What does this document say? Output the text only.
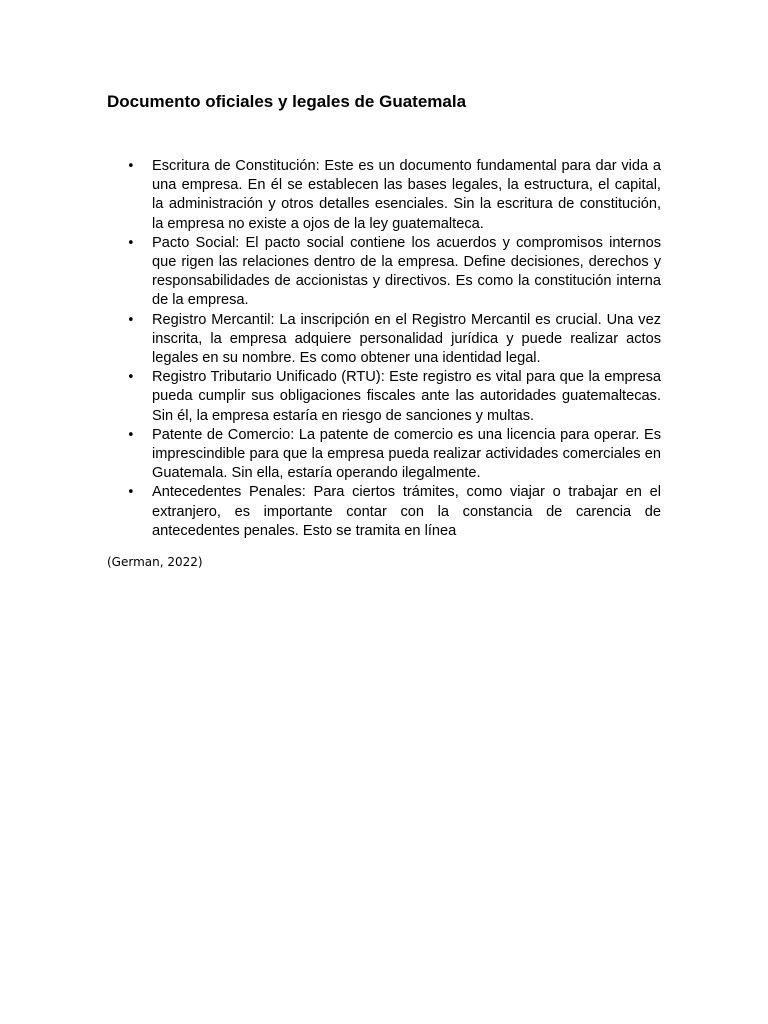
Documento oficiales y legales de Guatemala
• Escritura de Constitución: Este es un documento fundamental para dar vida a una empresa. En él se establecen las bases legales, la estructura, el capital, la administración y otros detalles esenciales. Sin la escritura de constitución, la empresa no existe a ojos de la ley guatemalteca.
• Pacto Social: El pacto social contiene los acuerdos y compromisos internos que rigen las relaciones dentro de la empresa. Define decisiones, derechos y responsabilidades de accionistas y directivos. Es como la constitución interna de la empresa.
• Registro Mercantil: La inscripción en el Registro Mercantil es crucial. Una vez inscrita, la empresa adquiere personalidad jurídica y puede realizar actos legales en su nombre. Es como obtener una identidad legal.
• Registro Tributario Unificado (RTU): Este registro es vital para que la empresa pueda cumplir sus obligaciones fiscales ante las autoridades guatemaltecas. Sin él, la empresa estaría en riesgo de sanciones y multas.
• Patente de Comercio: La patente de comercio es una licencia para operar. Es imprescindible para que la empresa pueda realizar actividades comerciales en Guatemala. Sin ella, estaría operando ilegalmente.
• Antecedentes Penales: Para ciertos trámites, como viajar o trabajar en el extranjero, es importante contar con la constancia de carencia de antecedentes penales. Esto se tramita en línea

(German, 2022)
